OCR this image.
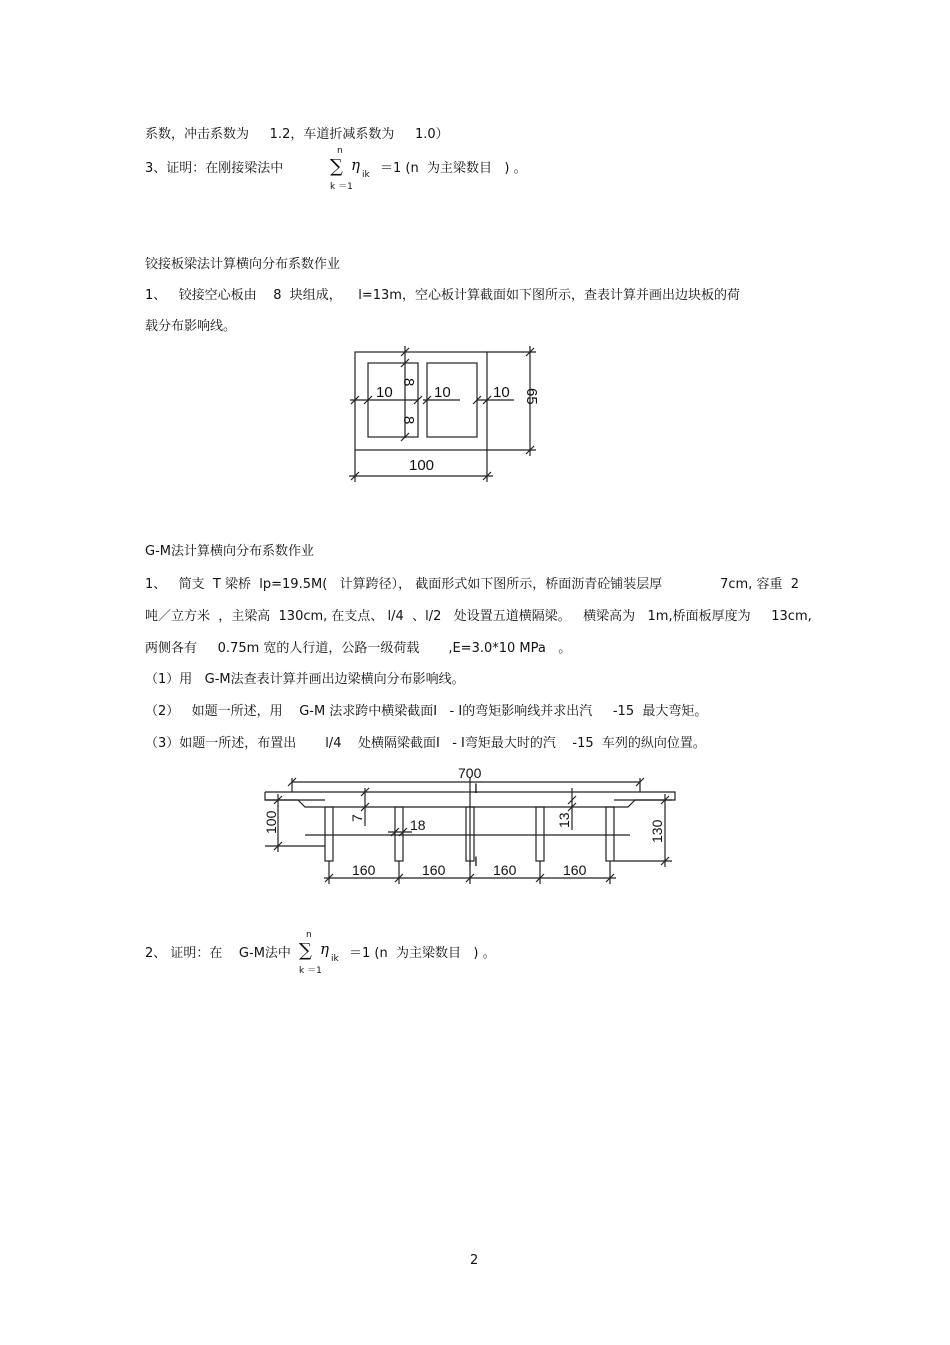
系数，冲击系数为     1.2，车道折减系数为     1.0）
3、证明：在刚接梁法中
n
∑
k ＝1
η
ik ＝1 (n  为主梁数目   ) 。
铰接板梁法计算横向分布系数作业
1、   铰接空心板由    8  块组成，    l=13m，空心板计算截面如下图所示，查表计算并画出边块板的荷
载分布影响线。
10	10	10
8
8
65
100
G-M法计算横向分布系数作业
1、   简支  T 梁桥  lp=19.5M(   计算跨径）， 截面形式如下图所示，桥面沥青砼铺装层厚              7cm, 容重  2
吨／立方米  ，主梁高  130cm, 在支点、 l/4  、l/2   处设置五道横隔梁。   横梁高为   1m,桥面板厚度为     13cm,
两侧各有     0.75m 宽的人行道，公路一级荷载       ,E=3.0*10 MPa   。
（1）用   G-M法查表计算并画出边梁横向分布影响线。
（2）   如题一所述，用    G-M 法求跨中横梁截面Ⅰ   - Ⅰ的弯矩影响线并求出汽     -15  最大弯矩。
（3）如题一所述，布置出       l/4    处横隔梁截面Ⅰ   - Ⅰ弯矩最大时的汽    -15  车列的纵向位置。
700
I
I
100	7	18	13	130
160	160	160	160
2、 证明：在    G-M法中
n
∑
k ＝1
η
ik ＝1 (n  为主梁数目   ) 。
2
